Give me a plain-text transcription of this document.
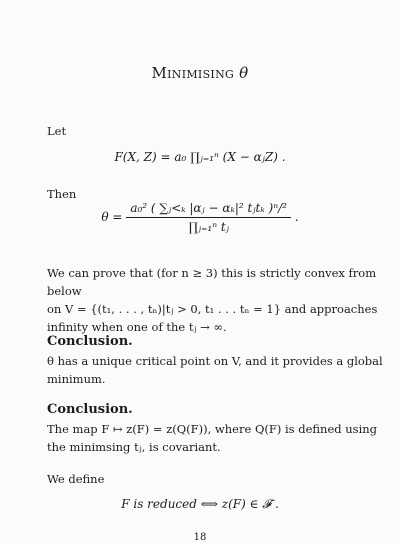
Minimising θ
Let
F(X, Z) = a₀ ∏ⱼ₌₁ⁿ (X − αⱼZ) .
Then
$\theta = \frac{\text{a₀² ( ∑ⱼ<ₖ |αⱼ − αₖ|² tⱼtₖ )ⁿ/²}}{\text{∏ⱼ₌₁ⁿ tⱼ}}$ .
We can prove that (for n ≥ 3) this is strictly convex from below
on V = {(t₁, . . . , tₙ)|tⱼ > 0, t₁ . . . tₙ = 1} and approaches
infinity when one of the tⱼ → ∞.
Conclusion.
θ has a unique critical point on V, and it provides a global
minimum.
Conclusion.
The map F ↦ z(F) = z(Q(F)), where Q(F) is defined using
the minimsing tⱼ, is covariant.
We define
F is reduced ⟺ z(F) ∈ 𝓕 .
18
